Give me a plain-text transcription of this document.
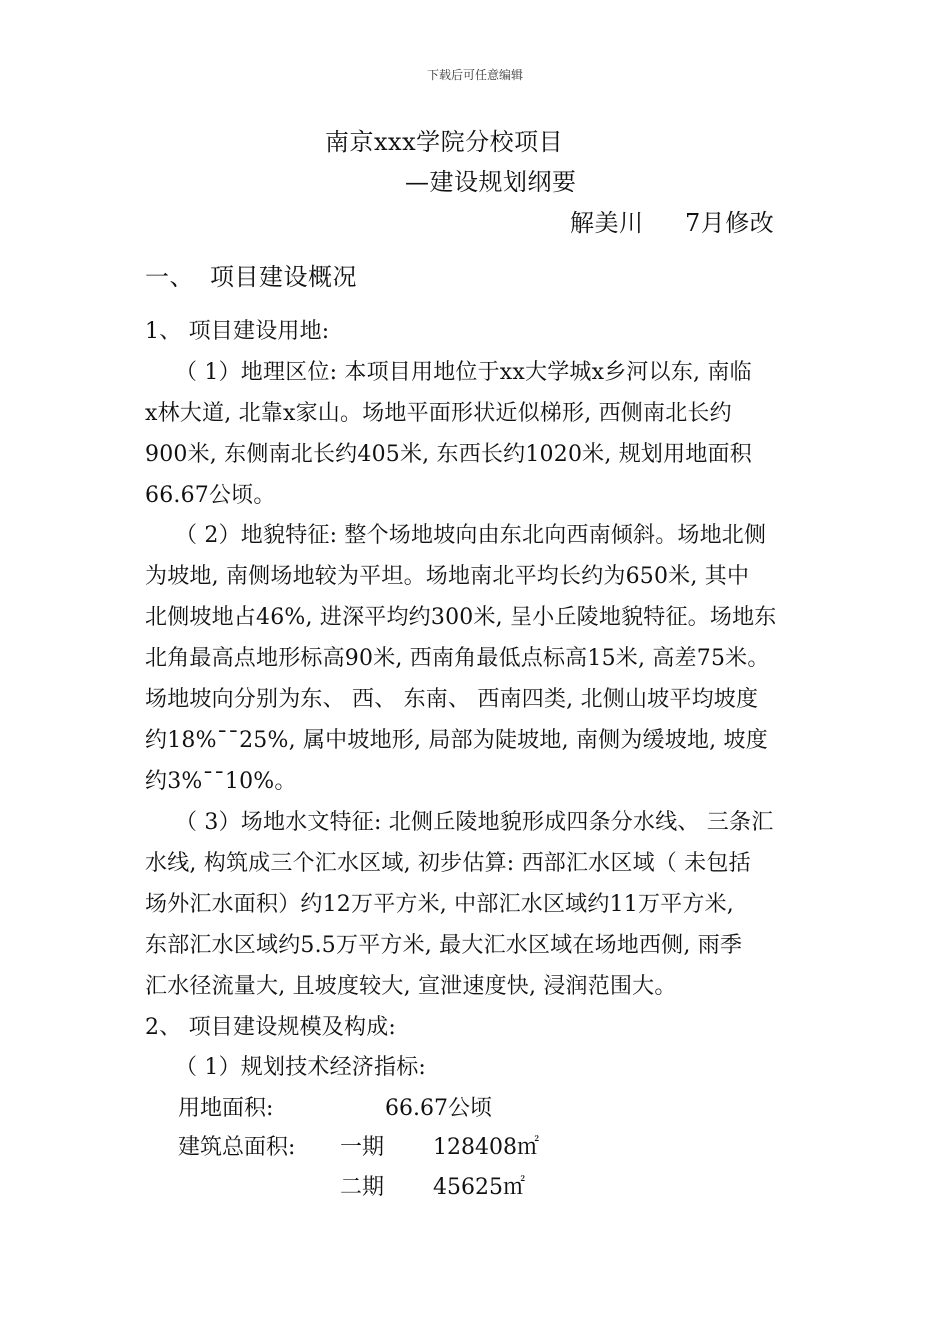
下载后可任意编辑
南京xxx学院分校项目
—建设规划纲要
解美川 7月修改
一、 项目建设概况
1、 项目建设用地:
（ 1）地理区位: 本项目用地位于xx大学城x乡河以东, 南临
x林大道, 北靠x家山。场地平面形状近似梯形, 西侧南北长约
900米, 东侧南北长约405米, 东西长约1020米, 规划用地面积
66.67公顷。
（ 2）地貌特征: 整个场地坡向由东北向西南倾斜。场地北侧
为坡地, 南侧场地较为平坦。场地南北平均长约为650米, 其中
北侧坡地占46%, 进深平均约300米, 呈小丘陵地貌特征。场地东
北角最高点地形标高90米, 西南角最低点标高15米, 高差75米。
场地坡向分别为东、 西、 东南、 西南四类, 北侧山坡平均坡度
约18%¯¯25%, 属中坡地形, 局部为陡坡地, 南侧为缓坡地, 坡度
约3%¯¯10%。
（ 3）场地水文特征: 北侧丘陵地貌形成四条分水线、 三条汇
水线, 构筑成三个汇水区域, 初步估算: 西部汇水区域（ 未包括
场外汇水面积）约12万平方米, 中部汇水区域约11万平方米,
东部汇水区域约5.5万平方米, 最大汇水区域在场地西侧, 雨季
汇水径流量大, 且坡度较大, 宣泄速度快, 浸润范围大。
2、 项目建设规模及构成:
（ 1）规划技术经济指标:
用地面积:	66.67公顷
建筑总面积: 一期 128408㎡
二期 45625㎡
